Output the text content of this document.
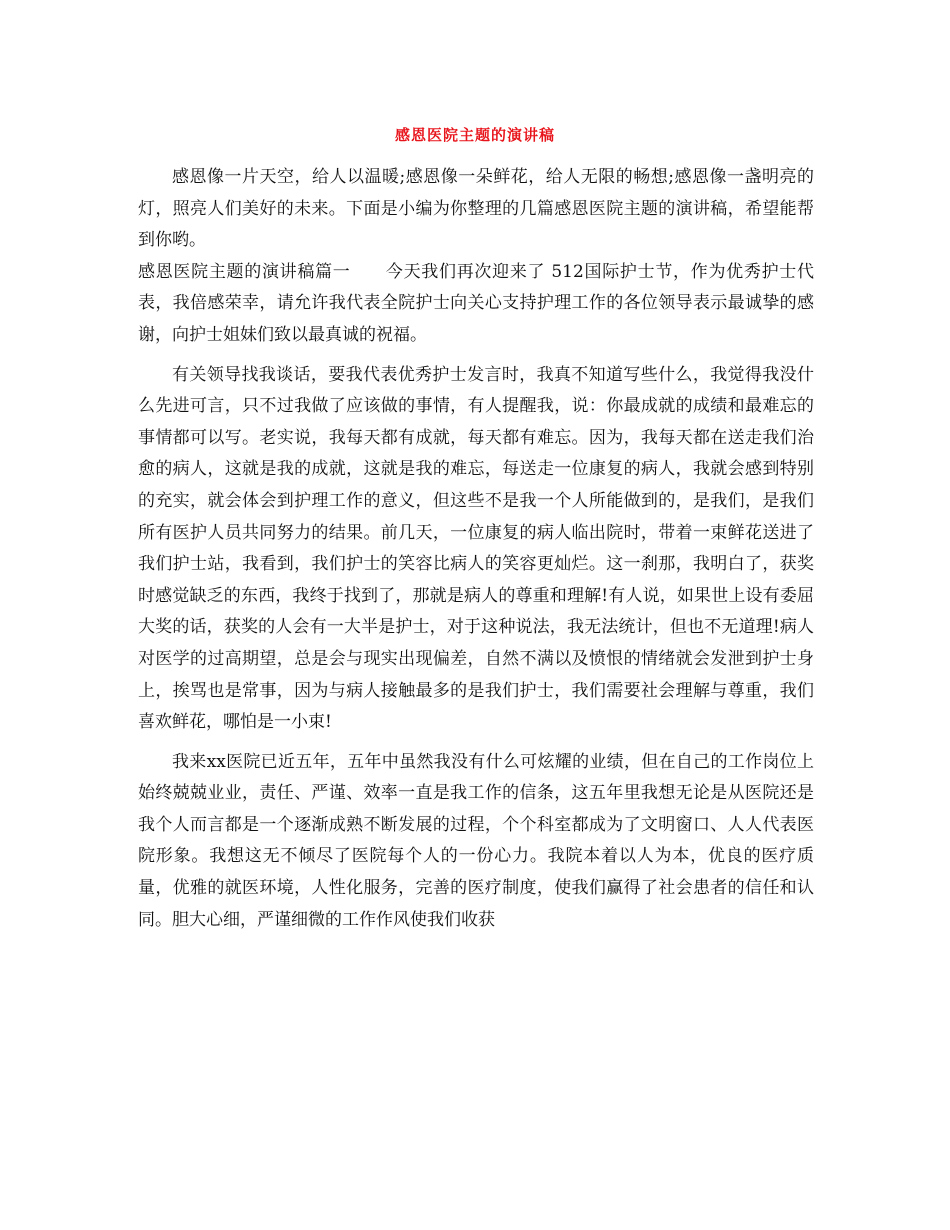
感恩医院主题的演讲稿

感恩像一片天空，给人以温暖;感恩像一朵鲜花，给人无限的畅想;感恩像一盏明亮的灯，照亮人们美好的未来。下面是小编为你整理的几篇感恩医院主题的演讲稿，希望能帮到你哟。

感恩医院主题的演讲稿篇一　　今天我们再次迎来了 512国际护士节，作为优秀护士代表，我倍感荣幸，请允许我代表全院护士向关心支持护理工作的各位领导表示最诚挚的感谢，向护士姐妹们致以最真诚的祝福。

有关领导找我谈话，要我代表优秀护士发言时，我真不知道写些什么，我觉得我没什么先进可言，只不过我做了应该做的事情，有人提醒我，说：你最成就的成绩和最难忘的事情都可以写。老实说，我每天都有成就，每天都有难忘。因为，我每天都在送走我们治愈的病人，这就是我的成就，这就是我的难忘，每送走一位康复的病人，我就会感到特别的充实，就会体会到护理工作的意义，但这些不是我一个人所能做到的，是我们，是我们所有医护人员共同努力的结果。前几天，一位康复的病人临出院时，带着一束鲜花送进了我们护士站，我看到，我们护士的笑容比病人的笑容更灿烂。这一刹那，我明白了，获奖时感觉缺乏的东西，我终于找到了，那就是病人的尊重和理解!有人说，如果世上设有委屈大奖的话，获奖的人会有一大半是护士，对于这种说法，我无法统计，但也不无道理!病人对医学的过高期望，总是会与现实出现偏差，自然不满以及愤恨的情绪就会发泄到护士身上，挨骂也是常事，因为与病人接触最多的是我们护士，我们需要社会理解与尊重，我们喜欢鲜花，哪怕是一小束!

我来xx医院已近五年，五年中虽然我没有什么可炫耀的业绩，但在自己的工作岗位上始终兢兢业业，责任、严谨、效率一直是我工作的信条，这五年里我想无论是从医院还是我个人而言都是一个逐渐成熟不断发展的过程，个个科室都成为了文明窗口、人人代表医院形象。我想这无不倾尽了医院每个人的一份心力。我院本着以人为本，优良的医疗质量，优雅的就医环境，人性化服务，完善的医疗制度，使我们赢得了社会患者的信任和认同。胆大心细，严谨细微的工作作风使我们收获
